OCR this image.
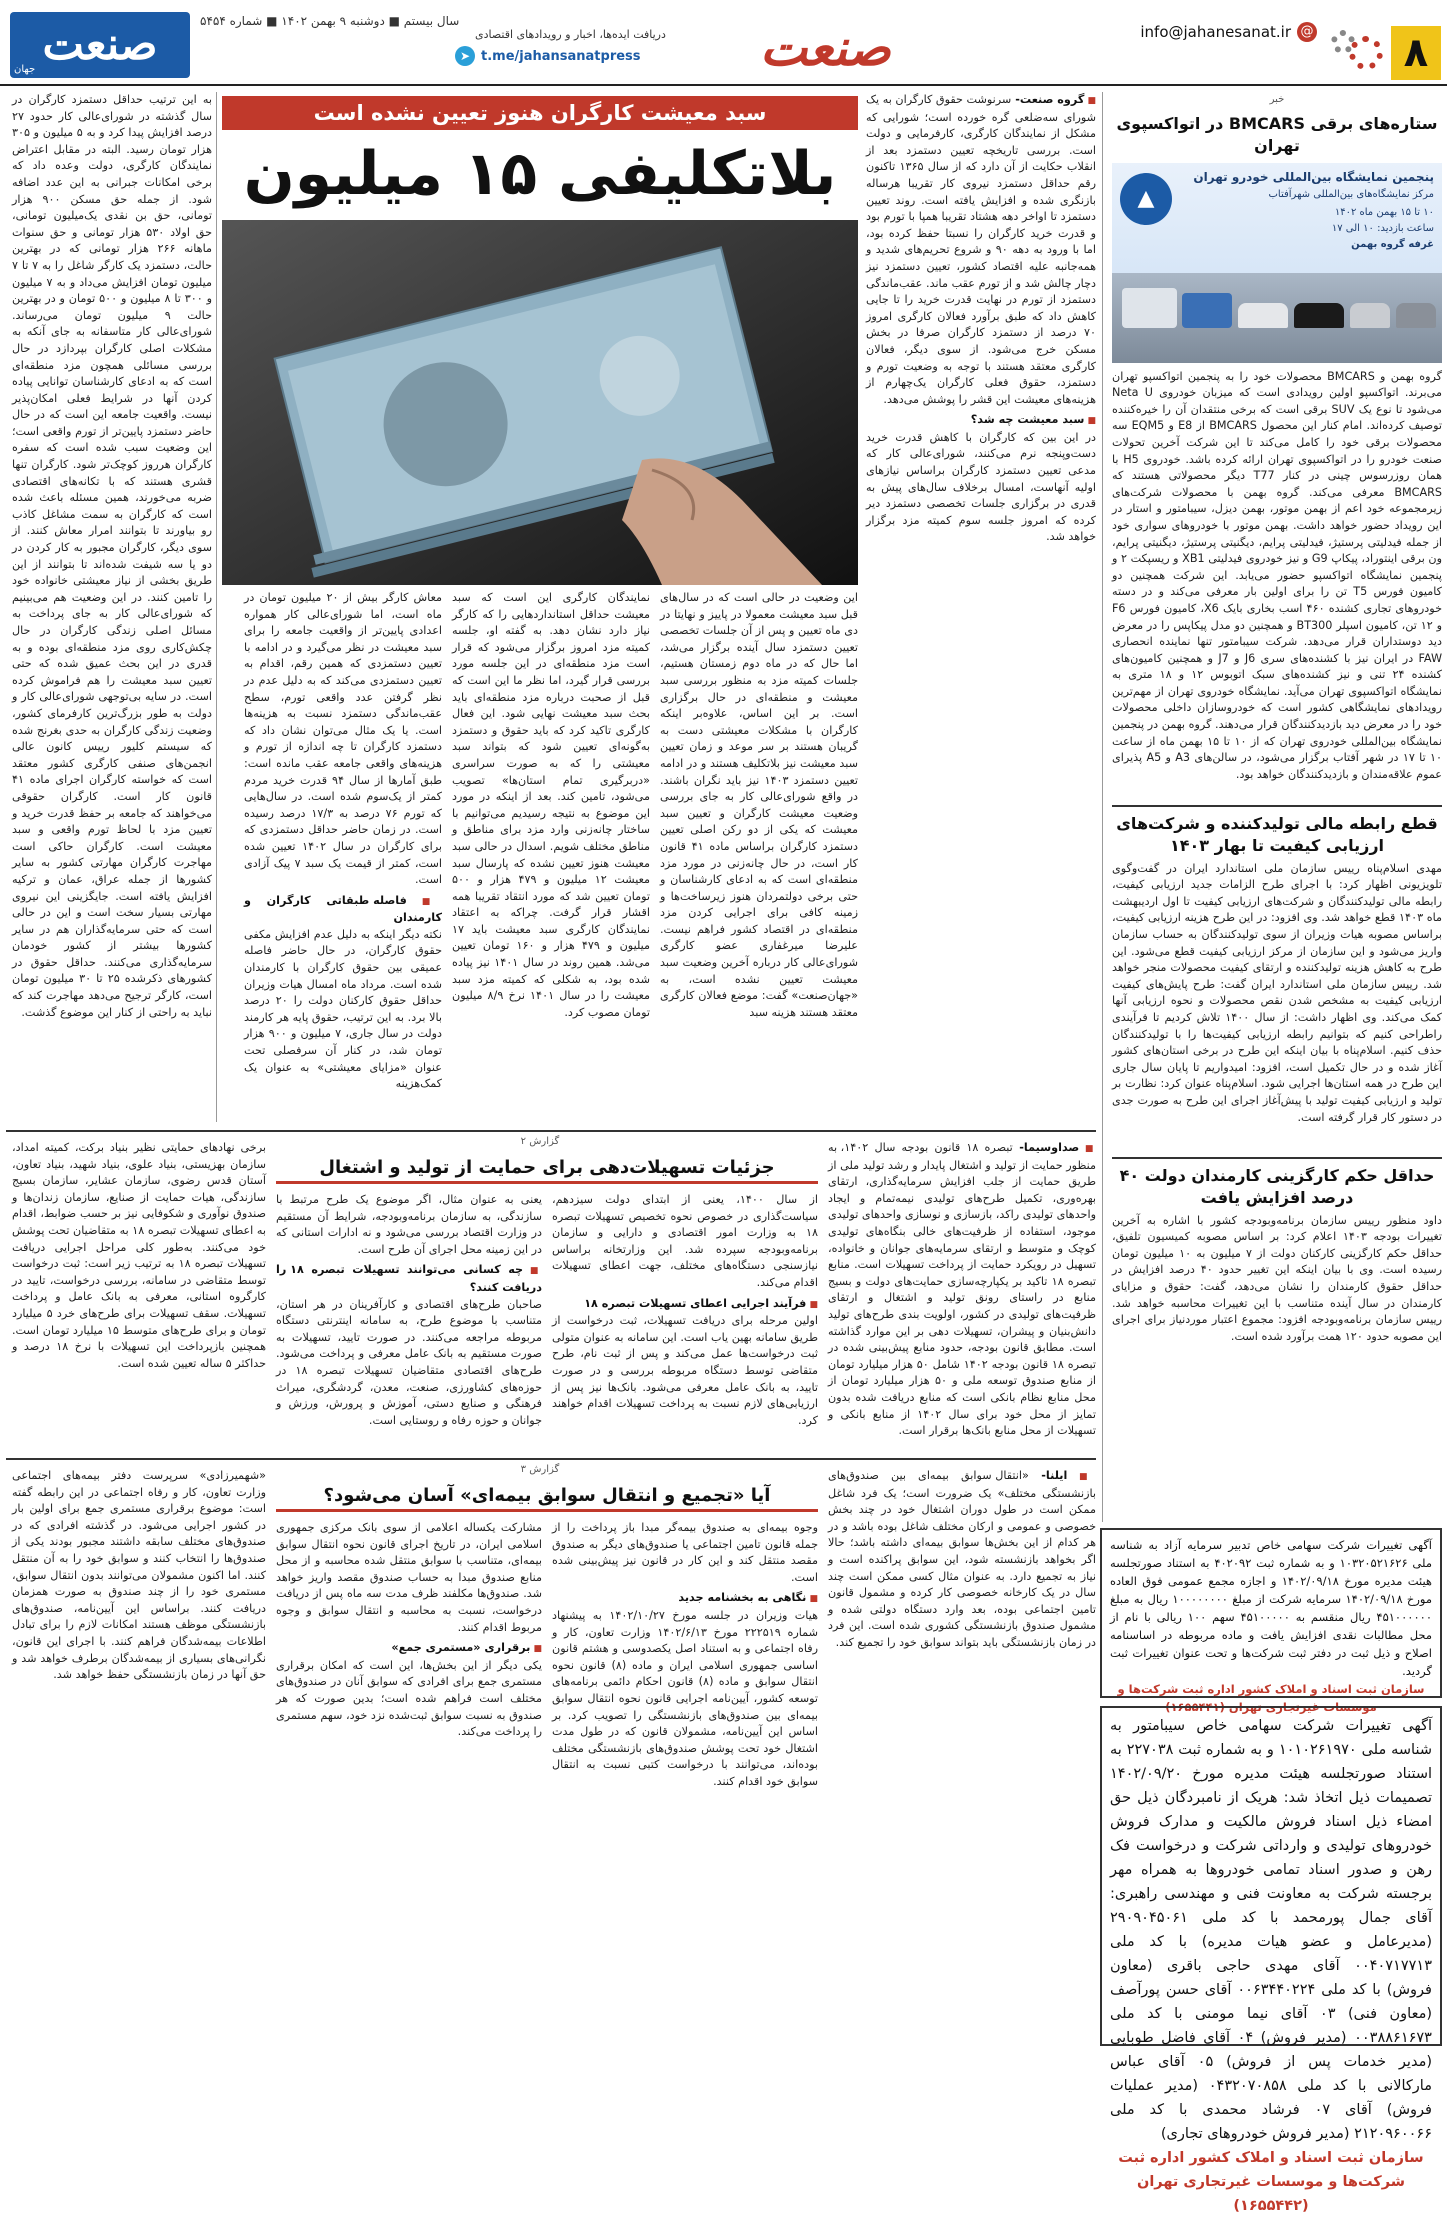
۸
info@jahanesanat.ir @
صنعت
دریافت ایده‌ها، اخبار و رویدادهای اقتصادی
➤ t.me/jahansanatpress
سال بیستم ■ دوشنبه ۹ بهمن ۱۴۰۲ ■ شماره ۵۴۵۴
صنعت
جهان
خبر
ستاره‌های برقی BMCARS در اتواکسپوی تهران
▲
پنجمین نمایشگاه بین‌المللی خودرو تهران
مرکز نمایشگاه‌های بین‌المللی شهرآفتاب
۱۰ تا ۱۵ بهمن ماه ۱۴۰۲
ساعت بازدید: ۱۰ الی ۱۷
غرفه گروه بهمن
گروه بهمن و BMCARS محصولات خود را به پنجمین اتواکسپو تهران می‌برند. اتواکسپو اولین رویدادی است که میزبان خودروی Neta U می‌شود تا نوع یک SUV برقی است که برخی منتقدان آن را خیره‌کننده توصیف کرده‌اند. امام کنار این محصول BMCARS از E8 و EQM5 سه محصولات برقی خود را کامل می‌کند تا این شرکت آخرین تحولات صنعت خودرو را در اتواکسپوی تهران ارائه کرده باشد. خودروی H5 با همان روزرسوس چینی در کنار T77 دیگر محصولاتی هستند که BMCARS معرفی می‌کند. گروه بهمن با محصولات شرکت‌های زیرمجموعه خود اعم از بهمن موتور، بهمن دیزل، سیبامتور و استار در این رویداد حضور خواهد داشت. بهمن موتور با خودروهای سواری خود از جمله فیدلیتی پرستیژ، فیدلیتی پرایم، دیگنیتی پرستیژ، دیگنیتی پرایم، ون برقی اینتوراد، پیکاپ G9 و نیز خودروی فیدلیتی XB1 و ریسپکت ۲ و پنجمین نمایشگاه اتواکسپو حضور می‌یابد. این شرکت همچنین دو کامیون فورس T5 تن را برای اولین بار معرفی می‌کند و در دسته خودروهای تجاری کشنده ۴۶۰ اسب بخاری بایک X6، کامیون فورس F6 و ۱۲ تن، کامیون اسپلر BT300 و همچنین دو مدل پیکاپس را در معرض دید دوستداران قرار می‌دهد. شرکت سیبامتور تنها نماینده انحصاری FAW در ایران نیز با کشنده‌های سری J6 و J7 و همچنین کامیون‌های کشنده ۲۴ تنی و نیز کشنده‌های سبک اتوبوس ۱۲ و ۱۸ متری به نمایشگاه اتواکسپوی تهران می‌آید. نمایشگاه خودروی تهران از مهم‌ترین رویدادهای نمایشگاهی کشور است که خودروسازان داخلی محصولات خود را در معرض دید بازدیدکنندگان قرار می‌دهند. گروه بهمن در پنجمین نمایشگاه بین‌المللی خودروی تهران که از ۱۰ تا ۱۵ بهمن ماه از ساعت ۱۰ تا ۱۷ در شهر آفتاب برگزار می‌شود، در سالن‌های A3 و A5 پذیرای عموم علاقه‌مندان و بازدیدکنندگان خواهد بود.
قطع رابطه مالی تولیدکننده و شرکت‌های ارزیابی کیفیت تا بهار ۱۴۰۳
مهدی اسلام‌پناه رییس سازمان ملی استاندارد ایران در گفت‌وگوی تلویزیونی اظهار کرد: با اجرای طرح الزامات جدید ارزیابی کیفیت، رابطه مالی تولیدکنندگان و شرکت‌های ارزیابی کیفیت تا اول اردیبهشت ماه ۱۴۰۳ قطع خواهد شد. وی افزود: در این طرح هزینه ارزیابی کیفیت، براساس مصوبه هیات وزیران از سوی تولیدکنندگان به حساب سازمان واریز می‌شود و این سازمان از مرکز ارزیابی کیفیت قطع می‌شود. این طرح به کاهش هزینه تولیدکننده و ارتقای کیفیت محصولات منجر خواهد شد. رییس سازمان ملی استاندارد ایران گفت: طرح پایش‌های کیفیت ارزیابی کیفیت به مشخص شدن نقص محصولات و نحوه ارزیابی آنها کمک می‌کند. وی اظهار داشت: از سال ۱۴۰۰ تلاش کردیم تا فرآیندی راطراحی کنیم که بتوانیم رابطه ارزیابی کیفیت‌ها را با تولیدکنندگان حذف کنیم. اسلام‌پناه با بیان اینکه این طرح در برخی استان‌های کشور آغاز شده و در حال تکمیل است، افزود: امیدواریم تا پایان سال جاری این طرح در همه استان‌ها اجرایی شود. اسلام‌پناه عنوان کرد: نظارت بر تولید و ارزیابی کیفیت تولید با پیش‌آغاز اجرای این طرح به صورت جدی در دستور کار قرار گرفته است.
حداقل حکم کارگزینی کارمندان دولت ۴۰ درصد افزایش یافت
داود منظور رییس سازمان برنامه‌وبودجه کشور با اشاره به آخرین تغییرات بودجه ۱۴۰۳ اعلام کرد: بر اساس مصوبه کمیسیون تلفیق، حداقل حکم کارگزینی کارکنان دولت از ۷ میلیون به ۱۰ میلیون تومان رسیده است. وی با بیان اینکه این تغییر حدود ۴۰ درصد افزایش در حداقل حقوق کارمندان را نشان می‌دهد، گفت: حقوق و مزایای کارمندان در سال آینده متناسب با این تغییرات محاسبه خواهد شد. رییس سازمان برنامه‌وبودجه افزود: مجموع اعتبار موردنیاز برای اجرای این مصوبه حدود ۱۲۰ همت برآورد شده است.
■ گروه صنعت- سرنوشت حقوق کارگران به یک شورای سه‌ضلعی گره خورده است؛ شورایی که مشکل از نمایندگان کارگری، کارفرمایی و دولت است. بررسی تاریخچه تعیین دستمزد بعد از انقلاب حکایت از آن دارد که از سال ۱۳۶۵ تاکنون رقم حداقل دستمزد نیروی کار تقریبا هرساله بازنگری شده و افزایش یافته است. روند تعیین دستمزد تا اواخر دهه هشتاد تقریبا همپا با تورم بود و قدرت خرید کارگران را نسبتا حفظ کرده بود، اما با ورود به دهه ۹۰ و شروع تحریم‌های شدید و همه‌جانبه علیه اقتصاد کشور، تعیین دستمزد نیز دچار چالش شد و از تورم عقب ماند. عقب‌ماندگی دستمزد از تورم در نهایت قدرت خرید را تا جایی کاهش داد که طبق برآورد فعالان کارگری امروز ۷۰ درصد از دستمزد کارگران صرفا در بخش مسکن خرج می‌شود. از سوی دیگر، فعالان کارگری معتقد هستند با توجه به وضعیت تورم و دستمزد، حقوق فعلی کارگران یک‌چهارم از هزینه‌های معیشت این قشر را پوشش می‌دهد.
■ سبد معیشت چه شد؟
در این بین که کارگران با کاهش قدرت خرید دست‌وپنجه نرم می‌کنند، شورای‌عالی کار که مدعی تعیین دستمزد کارگران براساس نیازهای اولیه آنهاست، امسال برخلاف سال‌های پیش به قدری در برگزاری جلسات تخصصی دستمزد دیر کرده که امروز جلسه سوم کمیته مزد برگزار خواهد شد.
سبد معیشت کارگران هنوز تعیین نشده است
بلاتکلیفی ۱۵ میلیون
این وضعیت در حالی است که در سال‌های قبل سبد معیشت معمولا در پاییز و نهایتا در دی ماه تعیین و پس از آن جلسات تخصصی تعیین دستمزد سال آینده برگزار می‌شد، اما حال که در ماه دوم زمستان هستیم، جلسات کمیته مزد به منظور بررسی سبد معیشت و منطقه‌ای در حال برگزاری است. بر این اساس، علاوه‌بر اینکه کارگران با مشکلات معیشتی دست به گریبان هستند بر سر موعد و زمان تعیین سبد معیشت نیز بلاتکلیف هستند و در ادامه تعیین دستمزد ۱۴۰۳ نیز باید نگران باشند. در واقع شورای‌عالی کار به جای بررسی وضعیت معیشت کارگران و تعیین سبد معیشت که یکی از دو رکن اصلی تعیین دستمزد کارگران براساس ماده ۴۱ قانون کار است، در حال چانه‌زنی در مورد مزد منطقه‌ای است که به ادعای کارشناسان و حتی برخی دولتمردان هنوز زیرساخت‌ها و زمینه کافی برای اجرایی کردن مزد منطقه‌ای در اقتصاد کشور فراهم نیست. علیرضا میرغفاری عضو کارگری شورای‌عالی کار درباره آخرین وضعیت سبد معیشت تعیین نشده است، به «جهان‌صنعت» گفت: موضع فعالان کارگری معتقد هستند هزینه سبد
نمایندگان کارگری این است که سبد معیشت حداقل استانداردهایی را که کارگر نیاز دارد نشان دهد. به گفته او، جلسه کمیته مزد امروز برگزار می‌شود که قرار است مزد منطقه‌ای در این جلسه مورد بررسی قرار گیرد، اما نظر ما این است که قبل از صحبت درباره مزد منطقه‌ای باید بحث سبد معیشت نهایی شود. این فعال کارگری تاکید کرد که باید حقوق و دستمزد به‌گونه‌ای تعیین شود که بتواند سبد معیشتی را که به صورت سراسری «دربرگیری تمام استان‌ها» تصویب می‌شود، تامین کند. بعد از اینکه در مورد این موضوع به نتیجه رسیدیم می‌توانیم با ساختار چانه‌زنی وارد مزد برای مناطق و مناطق مختلف شویم. اسدال در حالی سبد معیشت هنوز تعیین نشده که پارسال سبد معیشت ۱۲ میلیون و ۴۷۹ هزار و ۵۰۰ تومان تعیین شد که مورد انتقاد تقریبا همه اقشار قرار گرفت. چراکه به اعتقاد نمایندگان کارگری سبد معیشت باید ۱۷ میلیون و ۴۷۹ هزار و ۱۶۰ تومان تعیین می‌شد. همین روند در سال ۱۴۰۱ نیز پیاده شده بود، به شکلی که کمیته مزد سبد معیشت را در سال ۱۴۰۱ نرخ ۸/۹ میلیون تومان مصوب کرد.
معاش کارگر بیش از ۲۰ میلیون تومان در ماه است، اما شورای‌عالی کار همواره اعدادی پایین‌تر از واقعیت جامعه را برای سبد معیشت در نظر می‌گیرد و در ادامه با تعیین دستمزدی که همین رقم، اقدام به تعیین دستمزدی می‌کند که به دلیل عدم در نظر گرفتن عدد واقعی تورم، سطح عقب‌ماندگی دستمزد نسبت به هزینه‌ها است. یا یک مثال می‌توان نشان داد که دستمزد کارگران تا چه اندازه از تورم و هزینه‌های واقعی جامعه عقب مانده است: طبق آمارها از سال ۹۴ قدرت خرید مردم کمتر از یک‌سوم شده است. در سال‌هایی که تورم ۷۶ درصد به ۱۷/۳ درصد رسیده است. در زمان حاضر حداقل دستمزدی که برای کارگران در سال ۱۴۰۲ تعیین شده است، کمتر از قیمت یک سبد ۷ پیک آزادی است.
■ فاصله طبقاتی کارگران و کارمندان
نکته دیگر اینکه به دلیل عدم افزایش مکفی حقوق کارگران، در حال حاضر فاصله عمیقی بین حقوق کارگران با کارمندان شده است. مرداد ماه امسال هیات وزیران حداقل حقوق کارکنان دولت را ۲۰ درصد بالا برد. به این ترتیب، حقوق پایه هر کارمند دولت در سال جاری، ۷ میلیون و ۹۰۰ هزار تومان شد، در کنار آن سرفصلی تحت عنوان «مزایای معیشتی» به عنوان یک کمک‌هزینه
به این ترتیب حداقل دستمزد کارگران در سال گذشته در شورای‌عالی کار حدود ۲۷ درصد افزایش پیدا کرد و به ۵ میلیون و ۳۰۵ هزار تومان رسید. البته در مقابل اعتراض نمایندگان کارگری، دولت وعده داد که برخی امکانات جبرانی به این عدد اضافه شود. از جمله حق مسکن ۹۰۰ هزار تومانی، حق بن نقدی یک‌میلیون تومانی، حق اولاد ۵۳۰ هزار تومانی و حق سنوات ماهانه ۲۶۶ هزار تومانی که در بهترین حالت، دستمزد یک کارگر شاغل را به ۷ تا ۷ میلیون تومان افزایش می‌داد و به ۷ میلیون و ۳۰۰ تا ۸ میلیون و ۵۰۰ تومان و در بهترین حالت ۹ میلیون تومان می‌رساند. شورای‌عالی کار متاسفانه به جای آنکه به مشکلات اصلی کارگران بپردازد در حال بررسی مسائلی همچون مزد منطقه‌ای است که به ادعای کارشناسان توانایی پیاده کردن آنها در شرایط فعلی امکان‌پذیر نیست. واقعیت جامعه این است که در حال حاضر دستمزد پایین‌تر از تورم واقعی است؛ این وضعیت سبب شده است که سفره کارگران هرروز کوچک‌تر شود. کارگران تنها قشری هستند که با تکانه‌های اقتصادی ضربه می‌خورند، همین مسئله باعث شده است که کارگران به سمت مشاغل کاذب رو بیاورند تا بتوانند امرار معاش کنند. از سوی دیگر، کارگران مجبور به کار کردن در دو یا سه شیفت شده‌اند تا بتوانند از این طریق بخشی از نیاز معیشتی خانواده خود را تامین کنند. در این وضعیت هم می‌بینیم که شورای‌عالی کار به جای پرداخت به مسائل اصلی زندگی کارگران در حال چکش‌کاری روی مزد منطقه‌ای بوده و به قدری در این بحث عمیق شده که حتی تعیین سبد معیشت را هم فراموش کرده است. در سایه بی‌توجهی شورای‌عالی کار و دولت به طور بزرگ‌ترین کارفرمای کشور، وضعیت زندگی کارگران به حدی بغرنج شده که سیستم کلیور رییس کانون عالی انجمن‌های صنفی کارگری کشور معتقد است که خواسته کارگران اجرای ماده ۴۱ قانون کار است. کارگران حقوقی می‌خواهند که جامعه بر حفظ قدرت خرید و تعیین مزد با لحاظ تورم واقعی و سبد معیشت است. کارگران حاکی است مهاجرت کارگران مهارتی کشور به سایر کشورها از جمله عراق، عمان و ترکیه افزایش یافته است. جایگزینی این نیروی مهارتی بسیار سخت است و این در حالی است که حتی سرمایه‌گذاران هم در سایر کشورها بیشتر از کشور خودمان سرمایه‌گذاری می‌کنند. حداقل حقوق در کشورهای ذکرشده ۲۵ تا ۳۰ میلیون تومان است، کارگر ترجیح می‌دهد مهاجرت کند که نباید به راحتی از کنار این موضوع گذشت.
گزارش ۲
جزئیات تسهیلات‌دهی برای حمایت از تولید و اشتغال
■ صداوسیما- تبصره ۱۸ قانون بودجه سال ۱۴۰۲، به منظور حمایت از تولید و اشتغال پایدار و رشد تولید ملی از طریق حمایت از جلب افزایش سرمایه‌گذاری، ارتقای بهره‌وری، تکمیل طرح‌های تولیدی نیمه‌تمام و ایجاد واحدهای تولیدی راکد، بازسازی و نوسازی واحدهای تولیدی موجود، استفاده از ظرفیت‌های خالی بنگاه‌های تولیدی کوچک و متوسط و ارتقای سرمایه‌های جوانان و خانواده، تسهیل در رویکرد حمایت از پرداخت تسهیلات است. منابع تبصره ۱۸ تاکید بر یکپارچه‌سازی حمایت‌های دولت و بسیج منابع در راستای رونق تولید و اشتغال و ارتقای ظرفیت‌های تولیدی در کشور، اولویت بندی طرح‌های تولید دانش‌بنیان و پیشران، تسهیلات دهی بر این موارد گذاشته است. مطابق قانون بودجه، حدود منابع پیش‌بینی شده در تبصره ۱۸ قانون بودجه ۱۴۰۲ شامل ۵۰ هزار میلیارد تومان از منابع صندوق توسعه ملی و ۵۰ هزار میلیارد تومان از محل منابع نظام بانکی است که منابع دریافت شده بدون تمایز از محل خود برای سال ۱۴۰۲ از منابع بانکی و تسهیلات از محل منابع بانک‌ها برقرار است.
از سال ۱۴۰۰، یعنی از ابتدای دولت سیزدهم، سیاست‌گذاری در خصوص نحوه تخصیص تسهیلات تبصره ۱۸ به وزارت امور اقتصادی و دارایی و سازمان برنامه‌وبودجه سپرده شد. این وزارتخانه براساس نیازسنجی دستگاه‌های مختلف، جهت اعطای تسهیلات اقدام می‌کند.
■ فرآیند اجرایی اعطای تسهیلات تبصره ۱۸
اولین مرحله برای دریافت تسهیلات، ثبت درخواست از طریق سامانه بهین یاب است. این سامانه به عنوان متولی ثبت درخواست‌ها عمل می‌کند و پس از ثبت نام، طرح متقاضی توسط دستگاه مربوطه بررسی و در صورت تایید، به بانک عامل معرفی می‌شود. بانک‌ها نیز پس از ارزیابی‌های لازم نسبت به پرداخت تسهیلات اقدام خواهند کرد.
یعنی به عنوان مثال، اگر موضوع یک طرح مرتبط با سازندگی، به سازمان برنامه‌وبودجه، شرایط آن مستقیم در وزارت اقتصاد بررسی می‌شود و نه ادارات استانی که در این زمینه محل اجرای آن طرح است.
■ چه کسانی می‌توانند تسهیلات تبصره ۱۸ را دریافت کنند؟
صاحبان طرح‌های اقتصادی و کارآفرینان در هر استان، متناسب با موضوع طرح، به سامانه اینترنتی دستگاه مربوطه مراجعه می‌کنند. در صورت تایید، تسهیلات به صورت مستقیم به بانک عامل معرفی و پرداخت می‌شود. طرح‌های اقتصادی متقاضیان تسهیلات تبصره ۱۸ در حوزه‌های کشاورزی، صنعت، معدن، گردشگری، میراث فرهنگی و صنایع دستی، آموزش و پرورش، ورزش و جوانان و حوزه رفاه و روستایی است.
برخی نهادهای حمایتی نظیر بنیاد برکت، کمیته امداد، سازمان بهزیستی، بنیاد علوی، بنیاد شهید، بنیاد تعاون، آستان قدس رضوی، سازمان عشایر، سازمان بسیج سازندگی، هیات حمایت از صنایع، سازمان زندان‌ها و صندوق نوآوری و شکوفایی نیز بر حسب ضوابط، اقدام به اعطای تسهیلات تبصره ۱۸ به متقاضیان تحت پوشش خود می‌کنند. به‌طور کلی مراحل اجرایی دریافت تسهیلات تبصره ۱۸ به ترتیب زیر است: ثبت درخواست توسط متقاضی در سامانه، بررسی درخواست، تایید در کارگروه استانی، معرفی به بانک عامل و پرداخت تسهیلات. سقف تسهیلات برای طرح‌های خرد ۵ میلیارد تومان و برای طرح‌های متوسط ۱۵ میلیارد تومان است. همچنین بازپرداخت این تسهیلات با نرخ ۱۸ درصد و حداکثر ۵ ساله تعیین شده است.
گزارش ۳
آیا «تجمیع و انتقال سوابق بیمه‌ای» آسان می‌شود؟
■ ایلنا- «انتقال سوابق بیمه‌ای بین صندوق‌های بازنشستگی مختلف» یک ضرورت است؛ یک فرد شاغل ممکن است در طول دوران اشتغال خود در چند بخش خصوصی و عمومی و ارکان مختلف شاغل بوده باشد و در هر کدام از این بخش‌ها سوابق بیمه‌ای داشته باشد؛ حالا اگر بخواهد بازنشسته شود، این سوابق پراکنده است و نیاز به تجمیع دارد. به عنوان مثال کسی ممکن است چند سال در یک کارخانه خصوصی کار کرده و مشمول قانون تامین اجتماعی بوده، بعد وارد دستگاه دولتی شده و مشمول صندوق بازنشستگی کشوری شده است. این فرد در زمان بازنشستگی باید بتواند سوابق خود را تجمیع کند.
وجوه بیمه‌ای به صندوق بیمه‌گر مبدا باز پرداخت را از جمله قانون تامین اجتماعی یا صندوق‌های دیگر به صندوق مقصد منتقل کند و این کار در قانون نیز پیش‌بینی شده است.
■ نگاهی به بخشنامه جدید
هیات وزیران در جلسه مورخ ۱۴۰۲/۱۰/۲۷ به پیشنهاد شماره ۲۲۲۵۱۹ مورخ ۱۴۰۲/۶/۱۳ وزارت تعاون، کار و رفاه اجتماعی و به استناد اصل یکصدوسی و هشتم قانون اساسی جمهوری اسلامی ایران و ماده (۸) قانون نحوه انتقال سوابق و ماده (۸) قانون احکام دائمی برنامه‌های توسعه کشور، آیین‌نامه اجرایی قانون نحوه انتقال سوابق بیمه‌ای بین صندوق‌های بازنشستگی را تصویب کرد. بر اساس این آیین‌نامه، مشمولان قانون که در طول مدت اشتغال خود تحت پوشش صندوق‌های بازنشستگی مختلف بوده‌اند، می‌توانند با درخواست کتبی نسبت به انتقال سوابق خود اقدام کنند.
مشارکت یکساله اعلامی از سوی بانک مرکزی جمهوری اسلامی ایران، در تاریخ اجرای قانون نحوه انتقال سوابق بیمه‌ای، متناسب با سوابق منتقل شده محاسبه و از محل منابع صندوق مبدا به حساب صندوق مقصد واریز خواهد شد. صندوق‌ها مکلفند ظرف مدت سه ماه پس از دریافت درخواست، نسبت به محاسبه و انتقال سوابق و وجوه مربوط اقدام کنند.
■ برقراری «مستمری جمع»
یکی دیگر از این بخش‌ها، این است که امکان برقراری مستمری جمع برای افرادی که سوابق آنان در صندوق‌های مختلف است فراهم شده است؛ بدین صورت که هر صندوق به نسبت سوابق ثبت‌شده نزد خود، سهم مستمری را پرداخت می‌کند.
«شهمیرزادی» سرپرست دفتر بیمه‌های اجتماعی وزارت تعاون، کار و رفاه اجتماعی در این رابطه گفته است: موضوع برقراری مستمری جمع برای اولین بار در کشور اجرایی می‌شود. در گذشته افرادی که در صندوق‌های مختلف سابقه داشتند مجبور بودند یکی از صندوق‌ها را انتخاب کنند و سوابق خود را به آن منتقل کنند. اما اکنون مشمولان می‌توانند بدون انتقال سوابق، مستمری خود را از چند صندوق به صورت همزمان دریافت کنند. براساس این آیین‌نامه، صندوق‌های بازنشستگی موظف هستند امکانات لازم را برای تبادل اطلاعات بیمه‌شدگان فراهم کنند. با اجرای این قانون، نگرانی‌های بسیاری از بیمه‌شدگان برطرف خواهد شد و حق آنها در زمان بازنشستگی حفظ خواهد شد.
آگهی تغییرات شرکت سهامی خاص تدبیر سرمایه آزاد به شناسه ملی ۱۰۳۲۰۵۲۱۶۲۶ و به شماره ثبت ۴۰۲۰۹۲ به استناد صورتجلسه هیئت مدیره مورخ ۱۴۰۲/۰۹/۱۸ و اجازه مجمع عمومی فوق العاده مورخ ۱۴۰۲/۰۹/۱۸ سرمایه شرکت از مبلغ ۱۰۰۰۰۰۰۰۰ ریال به مبلغ ۴۵۱۰۰۰۰۰۰ ریال منقسم به ۴۵۱۰۰۰۰۰ سهم ۱۰۰ ریالی با نام از محل مطالبات نقدی افزایش یافت و ماده مربوطه در اساسنامه اصلاح و ذیل ثبت در دفتر ثبت شرکت‌ها و تحت عنوان تغییرات ثبت گردید.
سازمان ثبت اسناد و املاک کشور اداره ثبت شرکت‌ها و موسسات غیرتجاری تهران (۱۶۵۵۴۴۱)
آگهی تغییرات شرکت سهامی خاص سیبامتور به شناسه ملی ۱۰۱۰۲۶۱۹۷۰ و به شماره ثبت ۲۲۷۰۳۸ به استناد صورتجلسه هیئت مدیره مورخ ۱۴۰۲/۰۹/۲۰ تصمیمات ذیل اتخاذ شد: هریک از نامبردگان ذیل حق امضاء ذیل اسناد فروش مالکیت و مدارک فروش خودروهای تولیدی و وارداتی شرکت و درخواست فک رهن و صدور اسناد تمامی خودروها به همراه مهر برجسته شرکت به معاونت فنی و مهندسی راهبری: آقای جمال پورمحمد با کد ملی ۲۹۰۹۰۴۵۰۶۱ (مدیرعامل و عضو هیات مدیره) با کد ملی ۰۰۴۰۷۱۷۷۱۳ آقای مهدی حاجی باقری (معاون فروش) با کد ملی ۰۰۶۳۴۴۰۲۲۴ آقای حسن پورآصف (معاون فنی) ۰۳ آقای نیما مومنی با کد ملی ۰۰۳۸۸۶۱۶۷۳ (مدیر فروش) ۰۴ آقای فاضل طوبایی (مدیر خدمات پس از فروش) ۰۵ آقای عباس مارکالانی با کد ملی ۰۴۳۲۰۷۰۸۵۸ (مدیر عملیات فروش) آقای ۰۷ فرشاد محمدی با کد ملی ۲۱۲۰۹۶۰۰۶۶ (مدیر فروش خودروهای تجاری)
سازمان ثبت اسناد و املاک کشور اداره ثبت شرکت‌ها و موسسات غیرتجاری تهران (۱۶۵۵۴۴۲)
